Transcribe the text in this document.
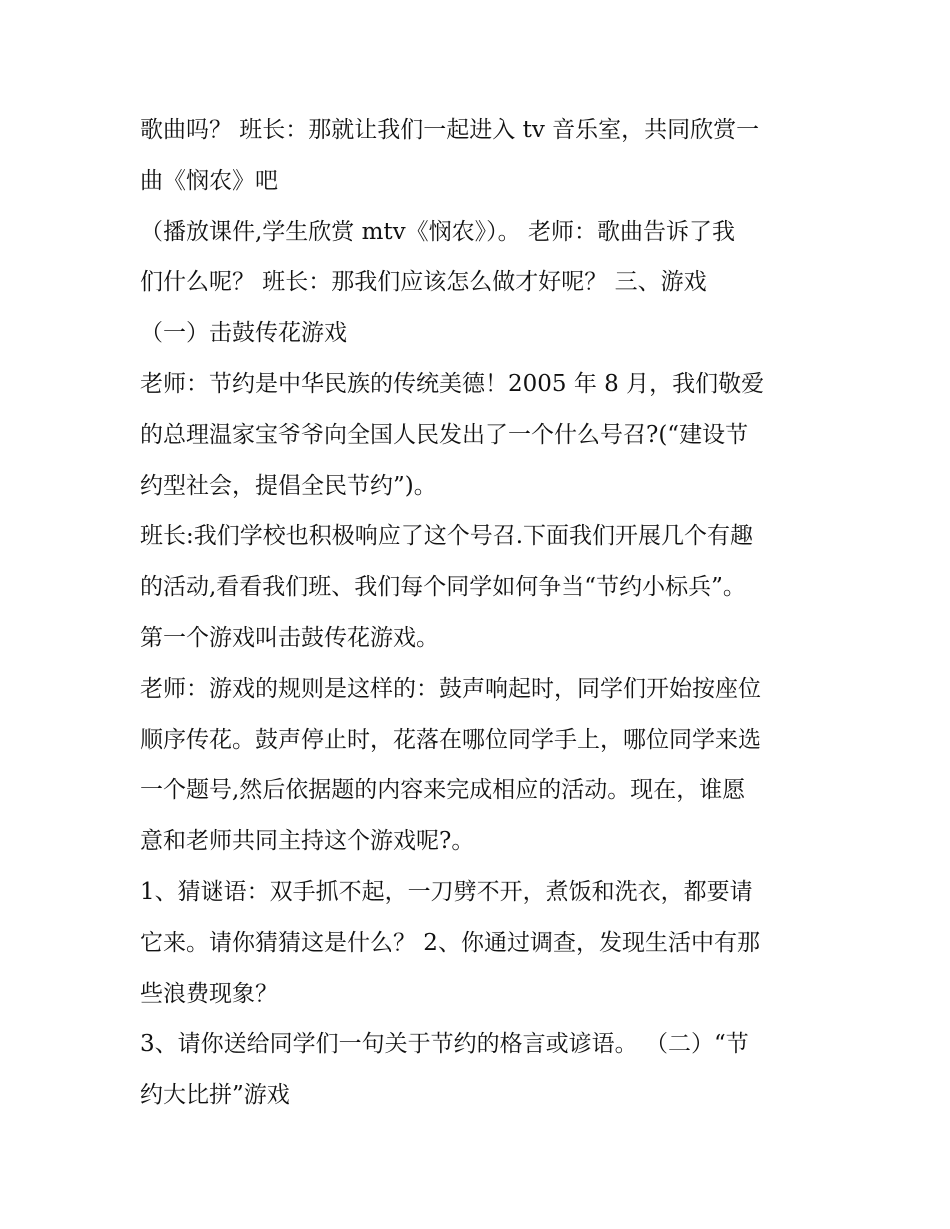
歌曲吗？ 班长：那就让我们一起进入 tv 音乐室，共同欣赏一

曲《悯农》吧

（播放课件,学生欣赏 mtv《悯农》）。 老师：歌曲告诉了我

们什么呢？ 班长：那我们应该怎么做才好呢？ 三、游戏

（一）击鼓传花游戏

老师：节约是中华民族的传统美德！2005 年 8 月，我们敬爱

的总理温家宝爷爷向全国人民发出了一个什么号召?(“建设节

约型社会，提倡全民节约”)。

班长:我们学校也积极响应了这个号召.下面我们开展几个有趣

的活动,看看我们班、我们每个同学如何争当“节约小标兵”。

第一个游戏叫击鼓传花游戏。

老师：游戏的规则是这样的：鼓声响起时，同学们开始按座位

顺序传花。鼓声停止时，花落在哪位同学手上，哪位同学来选

一个题号,然后依据题的内容来完成相应的活动。现在，谁愿

意和老师共同主持这个游戏呢?。

1、猜谜语：双手抓不起，一刀劈不开，煮饭和洗衣，都要请

它来。请你猜猜这是什么？ 2、你通过调查，发现生活中有那

些浪费现象？

3、请你送给同学们一句关于节约的格言或谚语。 （二）“节

约大比拼”游戏
